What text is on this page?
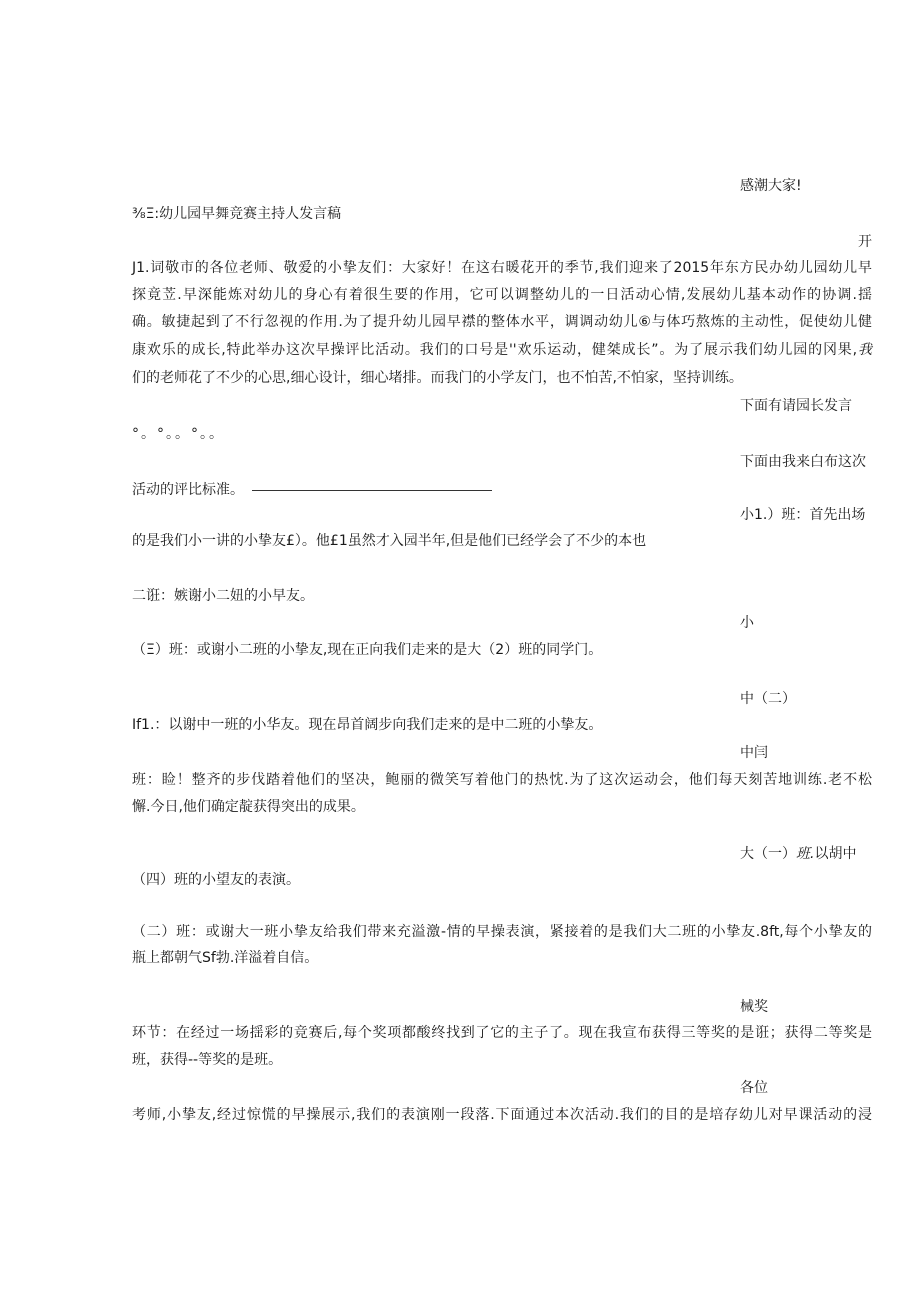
感潮大家!
⅜Ξ:幼儿园早舞竞赛主持人发言稿
开
J1.词敬市的各位老师、敬爱的小挚友们：大家好！在这右暖花开的季节,我们迎来了2015年东方民办幼儿园幼儿早
探竟苙.早深能炼对幼儿的身心有着很生要的作用，它可以调整幼儿的一日活动心情,发展幼儿基本动作的协调.揺
确。敏捷起到了不行忽视的作用.为了提升幼儿园早襟的整体水平，调调动幼儿⑥与体巧熬炼的主动性，促使幼儿健
康欢乐的成长,特此举办这次早操评比活动。我们的口号是''欢乐运动，健桀成长”。为了展示我们幼儿园的冈果,我
们的老师花了不少的心思,细心设计，细心堵排。而我门的小学友门，也不怕苦,不怕家，坚持训练。
下面有请园长发言
°。°。。°。。
下面由我来白布这次
活动的评比标准。
小1.）班：首先出场
的是我们小一讲的小挚友£）。他£1虽然才入园半年,但是他们已经学会了不少的本也
二诳：嫉谢小二妞的小早友。
小
（Ξ）班：或谢小二班的小挚友,现在正向我们走来的是大（2）班的同学门。
中（二）
If1.：以谢中一班的小华友。现在昂首阔步向我们走来的是中二班的小挚友。
中闫
班：睑！整齐的步伐踏着他们的坚决，鲍丽的微笑写着他门的热忱.为了这次运动会，他们每天刻苦地训练.老不松
懈.今日,他们确定靛获得突出的成果。
大（一）班.以胡中
（四）班的小望友的表演。
（二）班：或谢大一班小挚友给我们带来充溢激-情的早操表演，紧接着的是我们大二班的小挚友.8ft,每个小挚友的
瓶上都朝气Sf勃.洋溢着自信。
械奖
环节：在经过一场揺彩的竞赛后,每个奖项都酸终找到了它的主子了。现在我宣布获得三等奖的是诳；获得二等奖是
班，获得--等奖的是班。
各位
考师,小挚友,经过惊慌的早操展示,我们的表演刚一段落.下面通过本次活动.我们的目的是培存幼儿对早课活动的浸
